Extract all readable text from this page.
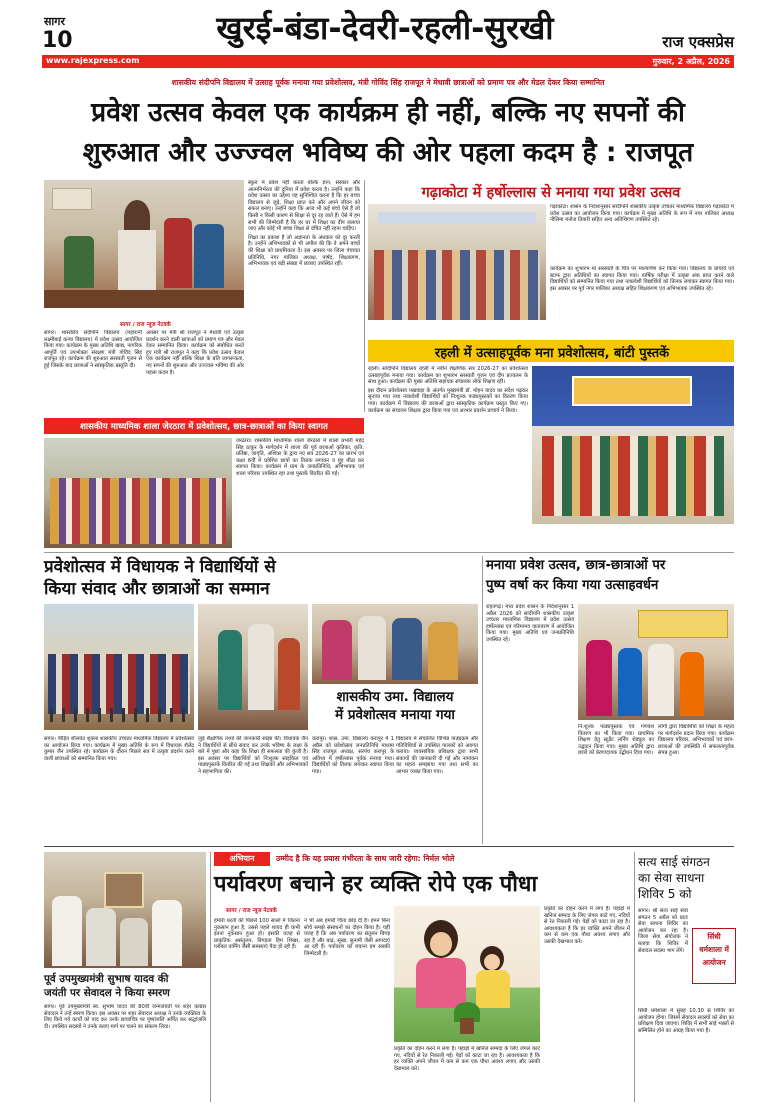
सागर
10	खुरई-बंडा-देवरी-रहली-सुरखी	राज एक्सप्रेस
www.rajexpress.com	गुरुवार, 2 अप्रैल, 2026
शासकीय संदीपनि विद्यालय में उत्साह पूर्वक मनाया गया प्रवेशोत्सव, मंत्री गोविंद सिंह राजपूत ने मेधावी छात्राओं को प्रमाण पत्र और मेडल देकर किया सम्मानित
प्रवेश उत्सव केवल एक कार्यक्रम ही नहीं, बल्कि नए सपनों की
शुरुआत और उज्ज्वल भविष्य की ओर पहला कदम है : राजपूत
सागर / राज न्यूज नेटवर्क

सागर। शासकीय संदीपनि विद्यालय (महारानी लक्ष्मीबाई कन्या विद्यालय) में प्रवेश उत्सव आयोजित किया गया। कार्यक्रम के मुख्य अतिथि खाद्य, नागरिक आपूर्ति एवं उपभोक्ता संरक्षण मंत्री गोविंद सिंह राजपूत रहे। कार्यक्रम की शुरुआत सरस्वती पूजन से हुई जिसके बाद छात्राओं ने सांस्कृतिक प्रस्तुति दी।

अवसर पर मंत्री श्री राजपूत ने मेधावी एवं उत्कृष्ट प्रदर्शन करने वाली छात्राओं को प्रमाण पत्र और मेडल देकर सम्मानित किया। कार्यक्रम को संबोधित करते हुए मंत्री श्री राजपूत ने कहा कि प्रवेश उत्सव केवल एक कार्यक्रम नहीं बल्कि शिक्षा के प्रति जागरूकता, नए सपनों की शुरुआत और उज्ज्वल भविष्य की ओर पहला कदम है।

स्कूल में प्रवेश नहीं करता बल्कि ज्ञान, संस्कार और आत्मनिर्भरता की दुनिया में प्रवेश करता है। उन्होंने कहा कि प्रवेश उत्सव का उद्देश्य यह सुनिश्चित करना है कि हर बच्चा विद्यालय से जुड़े, शिक्षा प्राप्त करे और अपने जीवन को सफल बनाए। उन्होंने कहा कि आज भी कई बच्चे ऐसे हैं जो किसी न किसी कारण से शिक्षा से दूर रह जाते हैं। ऐसे में हम सभी की जिम्मेदारी है कि हर घर में शिक्षा का दीप जलाया जाए और कोई भी बच्चा शिक्षा से वंचित नहीं रहना चाहिए।

शिक्षा का प्रकाश है जो अज्ञानता के अंधकार को दूर करती है। उन्होंने अभिभावकों से भी अपील की कि वे अपने बच्चों की शिक्षा को प्राथमिकता दें। इस अवसर पर जिला पंचायत प्रतिनिधि, नगर पालिका अध्यक्ष, पार्षद, शिक्षकगण, अभिभावक एवं बड़ी संख्या में छात्राएं उपस्थित रहीं।

गढ़ाकोटा में हर्षोल्लास से मनाया गया प्रवेश उत्सव

गढ़ाकोटा। शासन के निर्देशानुसार सांदीपनि शासकीय उत्कृष्ट उच्चतर माध्यमिक विद्यालय गढ़ाकोटा में प्रवेश उत्सव का आयोजन किया गया। कार्यक्रम में मुख्य अतिथि के रूप में नगर पालिका अध्यक्ष नीलिमा मनोज तिवारी सहित अन्य अतिथिगण उपस्थित रहे।

कार्यक्रम का शुभारंभ मां सरस्वती के चित्र पर माल्यार्पण कर किया गया। विद्यालय के प्राचार्य एवं स्टाफ द्वारा अतिथियों का स्वागत किया गया। वार्षिक परीक्षा में उत्कृष्ट अंक प्राप्त करने वाले विद्यार्थियों को सम्मानित किया गया तथा नवप्रवेशी विद्यार्थियों को तिलक लगाकर स्वागत किया गया। इस अवसर पर पूर्व नगर पालिका अध्यक्ष सहित शिक्षकगण एवं अभिभावक उपस्थित रहे।

रहली में उत्साहपूर्वक मना प्रवेशोत्सव, बांटी पुस्तकें

रहली। सांदीपनि विद्यालय रहली में नवीन शैक्षणिक सत्र 2026-27 का प्रवेशोत्सव उत्साहपूर्वक मनाया गया। कार्यक्रम का शुभारंभ सरस्वती पूजन एवं दीप प्रज्वलन के साथ हुआ। कार्यक्रम की मुख्य अतिथि सहायक संचालक लोक शिक्षण रहीं।

इस दौरान प्रवेशोत्सव पखवाड़ा के अंतर्गत मुख्यमंत्री डॉ. मोहन यादव का संदेश पढ़कर सुनाया गया तथा नवप्रवेशी विद्यार्थियों को निःशुल्क पाठ्यपुस्तकों का वितरण किया गया। कार्यक्रम में विद्यालय की छात्राओं द्वारा सांस्कृतिक कार्यक्रम प्रस्तुत किए गए। कार्यक्रम का संचालन शिक्षक द्वारा किया गया एवं आभार प्रदर्शन प्राचार्य ने किया।

शासकीय माध्यमिक शाला जेरठारा में प्रवेशोत्सव, छात्र-छात्राओं का किया स्वागत

जरठारा। शासकीय माध्यमिक शाला जेरठारा में शाला प्रभारी महेंद्र सिंह ठाकुर के मार्गदर्शन में शाला की पूर्व छात्राओं कृतिका, कृति, प्रतिष्ठा, जागृति, अंशिका के द्वारा नए सत्र 2026-27 का प्रारंभ एवं कक्षा 6वीं में प्रवेशित छात्रों का तिलक लगाकर व मुंह मीठा कर स्वागत किया। कार्यक्रम में ग्राम के जनप्रतिनिधि, अभिभावक एवं शाला परिवार उपस्थित रहा तथा पुस्तकें वितरित की गईं।

प्रवेशोत्सव में विधायक ने विद्यार्थियों से
किया संवाद और छात्राओं का सम्मान

सागर। पीड़ित शीलवंत शुक्ला शासकीय उच्चतर माध्यमिक विद्यालय में प्रवेशोत्सव का आयोजन किया गया। कार्यक्रम में मुख्य अतिथि के रूप में विधायक शैलेंद्र कुमार जैन उपस्थित रहे। कार्यक्रम के दौरान पिछले सत्र में उत्कृष्ट प्रदर्शन करने वाली छात्राओं को सम्मानित किया गया।

जुड़े शैक्षणिक तथ्यों की जानकारी साझा की। विधायक जैन ने विद्यार्थियों से सीधे संवाद कर उनके भविष्य के लक्ष्य के बारे में पूछा और कहा कि शिक्षा ही सफलता की कुंजी है। इस अवसर पर विद्यार्थियों को निःशुल्क साइकिल एवं पाठ्यपुस्तकें वितरित की गईं तथा शिक्षकों और अभिभावकों ने सहभागिता की।

शासकीय उमा. विद्यालय
में प्रवेशोत्सव मनाया गया

करापुर। शास. उमा. विद्यालय करापुर में 1 अप्रैल को प्रवेशोत्सव जनप्रतिनिधि माध्यम सिंह राजपूत अध्यक्ष, सरपंच करापुर के अतिथ्य में हर्षोल्लास पूर्वक मनाया गया। विद्यार्थियों को तिलक लगाकर स्वागत किया गया।

विद्यालय में संचालित विभिन्न पाठ्यक्रम और गतिविधियों से उपस्थित पालकों को अवगत कराया। व्यवसायिक प्रशिक्षक द्वारा सभी संकायों की जानकारी दी गई और नामांकन का महत्व समझाया गया तथा सभी का आभार व्यक्त किया गया।

मनाया प्रवेश उत्सव, छात्र-छात्राओं पर
पुष्प वर्षा कर किया गया उत्साहवर्धन

राहतगढ़। मध्य प्रदेश शासन के निर्देशानुसार 1 अप्रैल 2026 को सांदीपनि शासकीय उत्कृष्ट उच्चतर माध्यमिक विद्यालय में प्रवेश उत्सव हर्षोल्लास एवं गरिमामय वातावरण में आयोजित किया गया। मुख्य अतिथि एवं जनप्रतिनिधि उपस्थित रहे।

नि:शुल्क पाठ्यपुस्तक एवं गणवेश वितरण का भी किया गया। प्राथमिक शिक्षण हेतु स्टूडेंट लर्निंग शेड्यूल का उद्घाटन किया गया। मुख्य अतिथि द्वारा छात्रों को प्रेरणादायक उद्बोधन दिया गया।

लोंगी द्वारा विद्यार्थियों को शिक्षा के महत्व पर मार्गदर्शन प्रदान किया गया। कार्यक्रम विद्यालय परिवार, अभिभावकों एवं छात्र-छात्राओं की उपस्थिति में सफलतापूर्वक संपन्न हुआ।

पूर्व उपमुख्यमंत्री सुभाष यादव की
जयंती पर सेवादल ने किया स्मरण

सागर। पूर्व उपमुख्यमंत्री स्व. सुभाष यादव की 80वीं जन्मजयंती पर शहर कांग्रेस सेवादल ने उन्हें स्मरण किया। इस अवसर पर शहर सेवादल अध्यक्ष ने उनके व्यक्तित्व के लिए किये गये कार्यों को याद कर उनके छायाचित्र पर पुष्पांजलि अर्पित कर श्रद्धांजलि दी। उपस्थित सदस्यों ने उनके बताए मार्ग पर चलने का संकल्प लिया।

अभियान	उम्मीद है कि यह प्रयास गंभीरता के साथ जारी रहेगा: निर्मल भोले
पर्यावरण बचाने हर व्यक्ति रोपे एक पौधा
सागर / राज न्यूज नेटवर्क

हमारी धरती की पिछले 100 सालों में जितना नुकसान हुआ है, उससे पहले शायद ही कभी इतना नुकसान हुआ हो। इसकी वजह से प्राकृतिक असंतुलन, बिगड़ता हिम शिखर, ग्लोबल वार्मिंग जैसी समस्याएं पैदा हो रही हैं।

ने भी अब हमारी चिंता छोड़ दी है। हमने बिना सोचे समझे संसाधनों का दोहन किया है। यही वजह है कि अब पर्यावरण का संतुलन बिगड़ रहा है और बाढ़, सूखा, सुनामी जैसी आपदाएं आ रही हैं। पर्यावरण को बचाना हम सबकी जिम्मेदारी है।

प्रकृति का दोहन करने में लगा है। पहाड़ों में खनिज सम्पदा के लिए जंगल काटे गए, नदियों से रेत निकाली गई। पेड़ों को काटा जा रहा है। आवश्यकता है कि हर व्यक्ति अपने जीवन में कम से कम एक पौधा अवश्य लगाए और उसकी देखभाल करे।

प्रकृति का दोहन करने में लगा है। पहाड़ों में खनिज सम्पदा के लिए जंगल काटे गए, नदियों से रेत निकाली गई। पेड़ों को काटा जा रहा है। आवश्यकता है कि हर व्यक्ति अपने जीवन में कम से कम एक पौधा अवश्य लगाए और उसकी देखभाल करे।

सत्य साई संगठन
का सेवा साधना
शिविर 5 को

सागर। श्री सत्य साई सेवा संगठन 5 अप्रैल को प्रातः सेवा साधना शिविर का आयोजन कर रहा है। जिला सेवा संयोजक ने बताया कि शिविर में सेवादल सदस्य भाग लेंगे।

सिंधी
धर्मशाला में
आयोजन

सिंधी धर्मशाला में सुबह 10.30 से शिविर का आयोजन होगा। जिसमें सेवादल सदस्यों को सेवा का प्रशिक्षण दिया जाएगा। शिविर में सभी साई भक्तों से सम्मिलित होने का आग्रह किया गया है।
